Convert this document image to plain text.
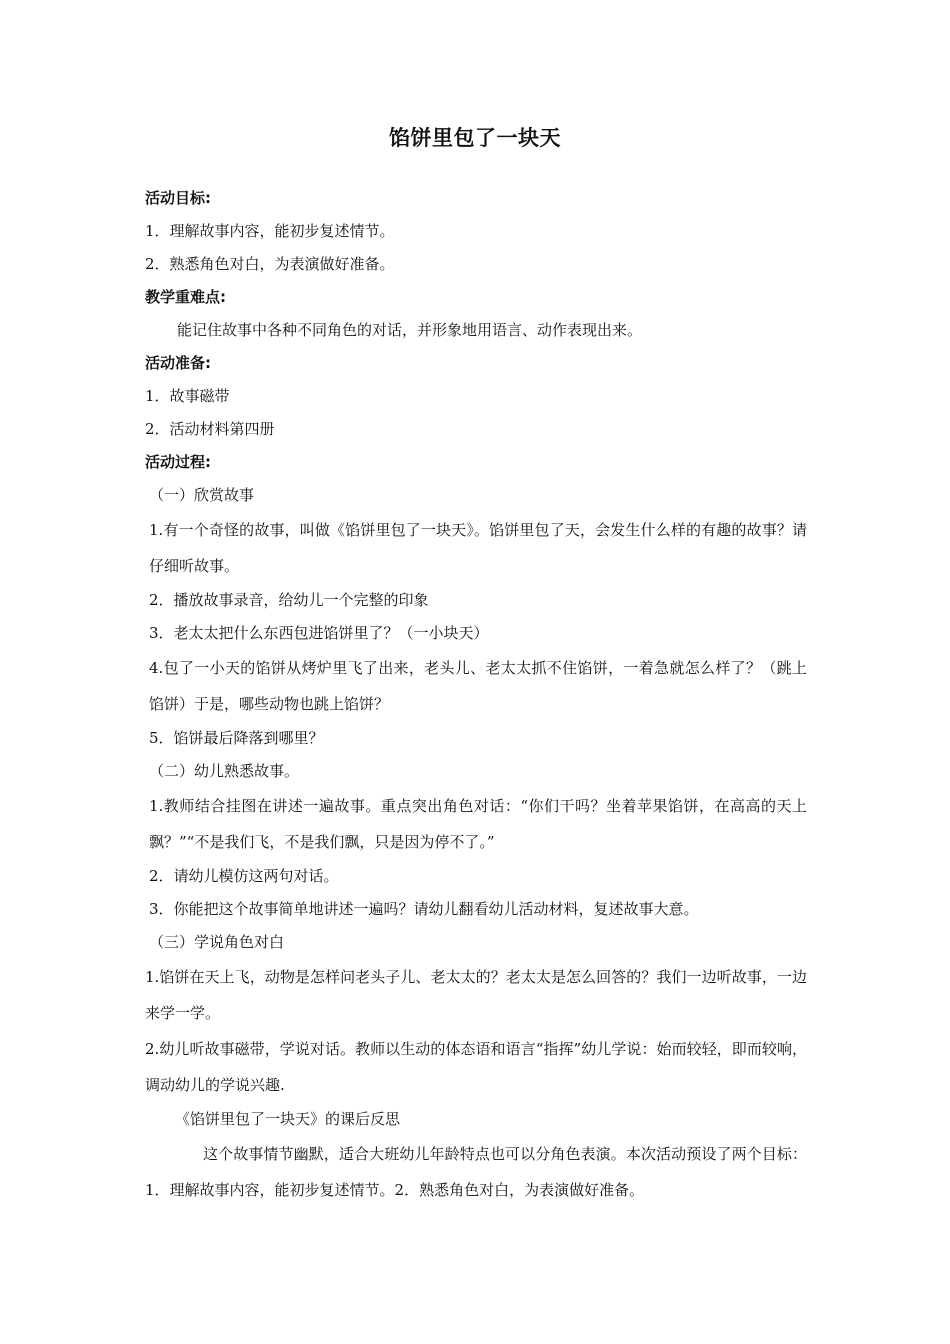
馅饼里包了一块天
活动目标:
1．理解故事内容，能初步复述情节。
2．熟悉角色对白，为表演做好准备。
教学重难点:
能记住故事中各种不同角色的对话，并形象地用语言、动作表现出来。
活动准备:
1．故事磁带
2．活动材料第四册
活动过程:
（一）欣赏故事
1.有一个奇怪的故事，叫做《馅饼里包了一块天》。馅饼里包了天，会发生什么样的有趣的故事？请仔细听故事。
2．播放故事录音，给幼儿一个完整的印象
3．老太太把什么东西包进馅饼里了？（一小块天）
4.包了一小天的馅饼从烤炉里飞了出来，老头儿、老太太抓不住馅饼，一着急就怎么样了？（跳上馅饼）于是，哪些动物也跳上馅饼？
5．馅饼最后降落到哪里？
（二）幼儿熟悉故事。
1.教师结合挂图在讲述一遍故事。重点突出角色对话：“你们干吗？坐着苹果馅饼，在高高的天上飘？”“不是我们飞，不是我们飘，只是因为停不了。”
2．请幼儿模仿这两句对话。
3．你能把这个故事简单地讲述一遍吗？请幼儿翻看幼儿活动材料，复述故事大意。
（三）学说角色对白
1.馅饼在天上飞，动物是怎样问老头子儿、老太太的？老太太是怎么回答的？我们一边听故事，一边来学一学。
2.幼儿听故事磁带，学说对话。教师以生动的体态语和语言“指挥”幼儿学说：始而较轻，即而较响，调动幼儿的学说兴趣.
《馅饼里包了一块天》的课后反思
这个故事情节幽默，适合大班幼儿年龄特点也可以分角色表演。本次活动预设了两个目标：1．理解故事内容，能初步复述情节。2．熟悉角色对白，为表演做好准备。
